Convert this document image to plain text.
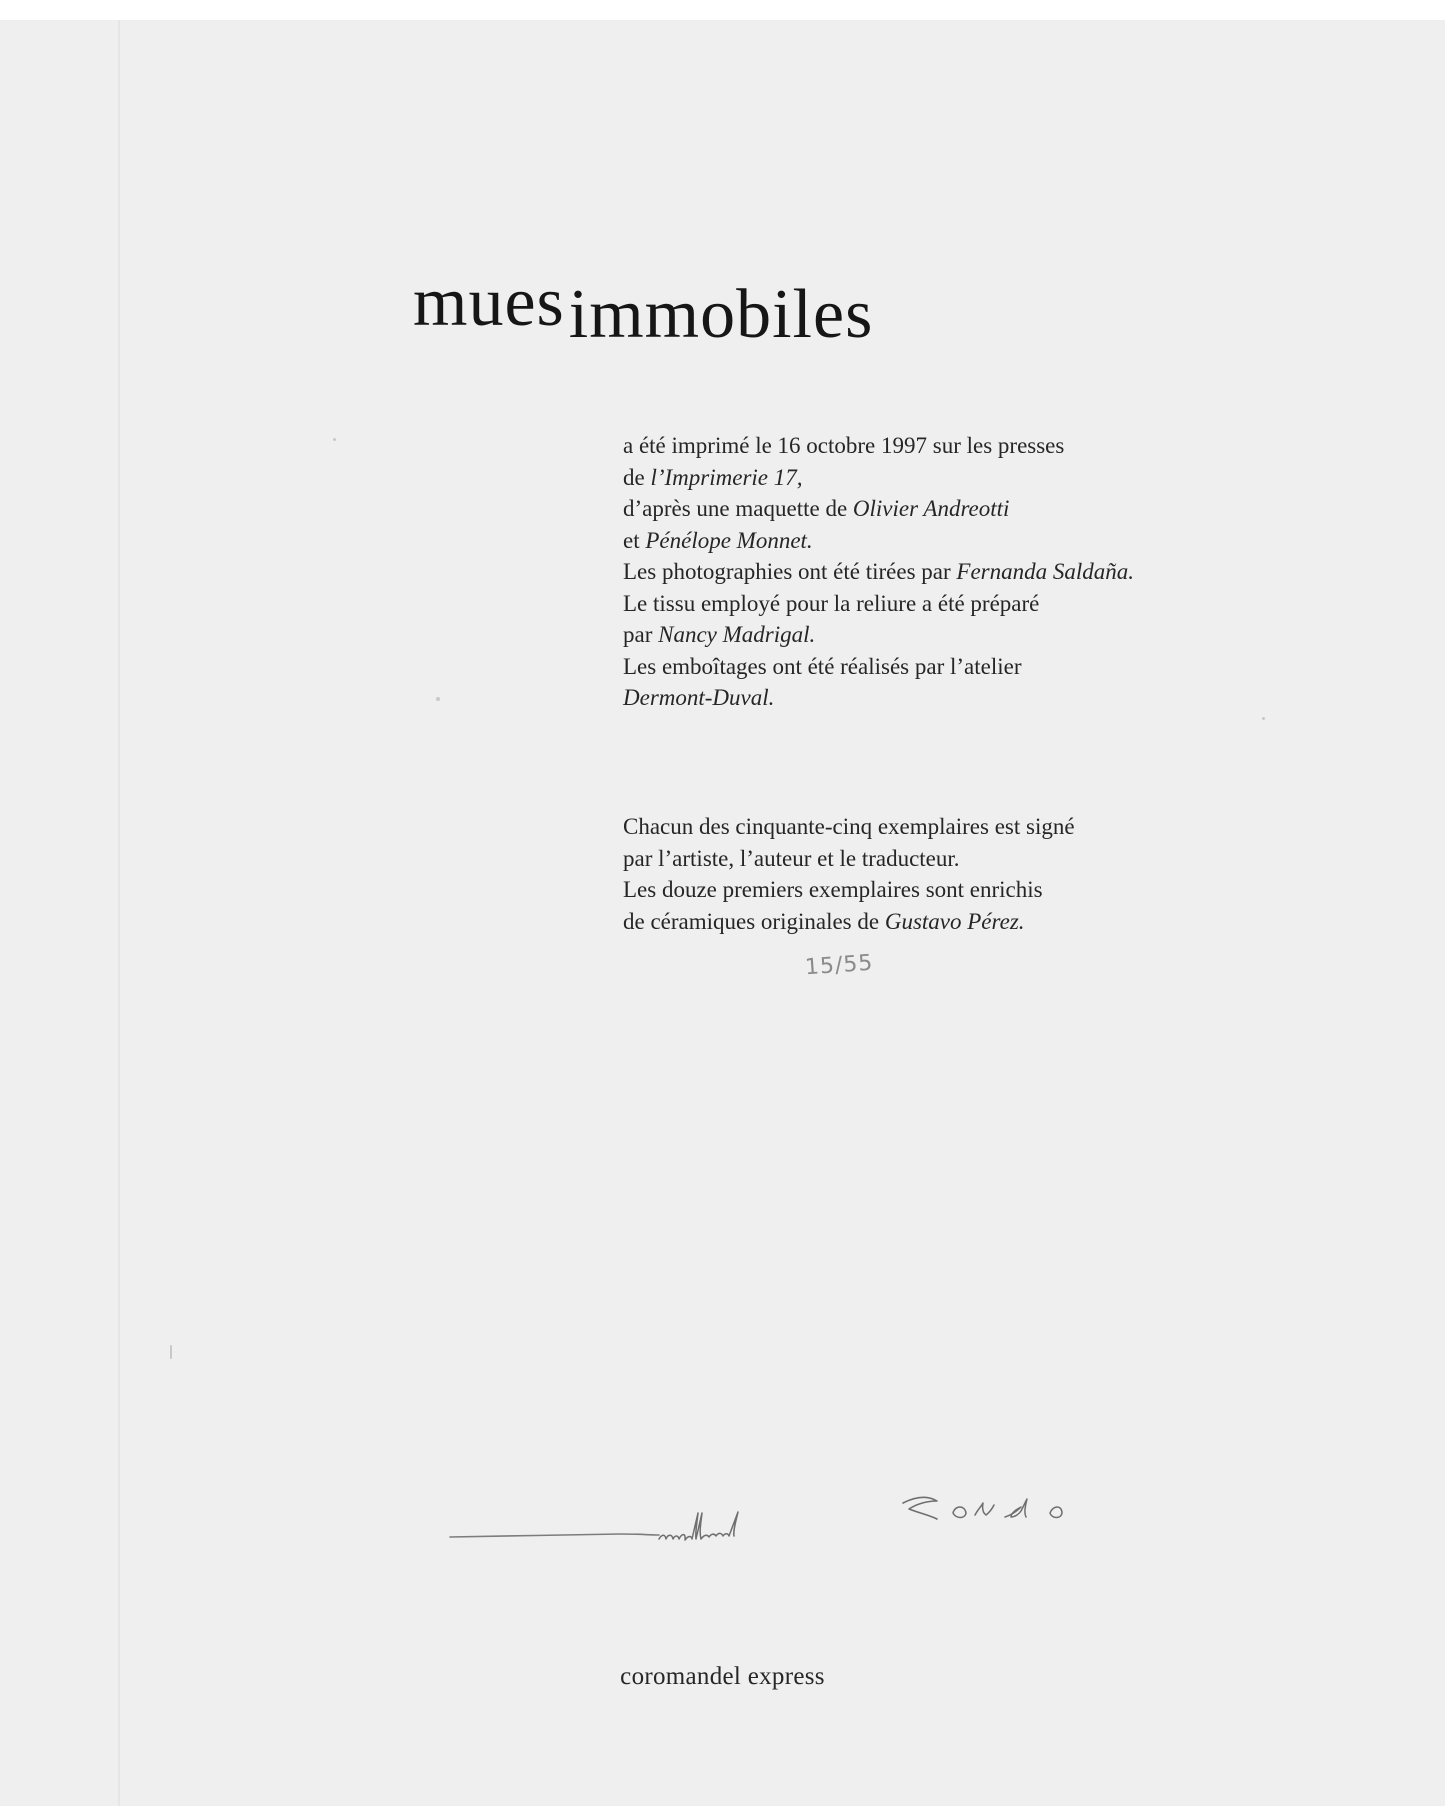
muesimmobiles

a été imprimé le 16 octobre 1997 sur les presses
de l’Imprimerie 17,
d’après une maquette de Olivier Andreotti
et Pénélope Monnet.
Les photographies ont été tirées par Fernanda Saldaña.
Le tissu employé pour la reliure a été préparé
par Nancy Madrigal.
Les emboîtages ont été réalisés par l’atelier
Dermont-Duval.

Chacun des cinquante-cinq exemplaires est signé
par l’artiste, l’auteur et le traducteur.
Les douze premiers exemplaires sont enrichis
de céramiques originales de Gustavo Pérez.

15/55
coromandel express
